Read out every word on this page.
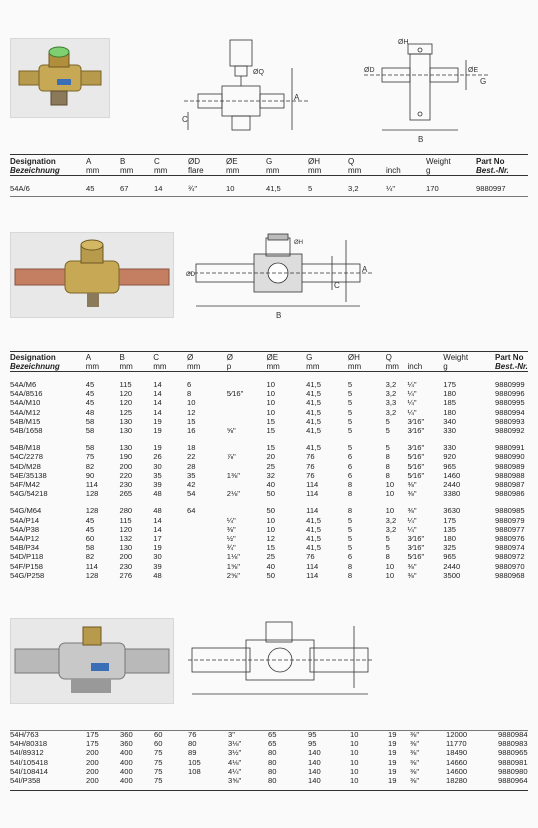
ØQ
A
C
ØH
ØD	ØE
G
B
Designation	A	B	C	ØD	ØE	G	ØH	Q		Weight	Part No
Bezeichnung	mm	mm	mm	flare	mm	mm	mm	mm	inch	g	Best.-Nr.

54A/6	45	67	14	¾"	10	41,5	5	3,2	¼"	170	9880997
ØD
ØH
A
C
B
Designation	A	B	C	Ø	Ø	ØE	G	ØH	Q		Weight	Part No
Bezeichnung	mm	mm	mm	mm	p	mm	mm	mm	mm	inch	g	Best.-Nr.

54A/M6	45	115	14	6		10	41,5	5	3,2	¼"	175	9880999
54A/8516	45	120	14	8	5⁄16"	10	41,5	5	3,2	¼"	180	9880996
54A/M10	45	120	14	10		10	41,5	5	3,3	¼"	185	9880995
54A/M12	48	125	14	12		10	41,5	5	3,2	¼"	180	9880994
54B/M15	58	130	19	15		15	41,5	5	5	3⁄16"	340	9880993
54B/1658	58	130	19	16	⅝"	15	41,5	5	5	3⁄16"	330	9880992

54B/M18	58	130	19	18		15	41,5	5	5	3⁄16"	330	9880991
54C/2278	75	190	26	22	⅞"	20	76	6	8	5⁄16"	920	9880990
54D/M28	82	200	30	28		25	76	6	8	5⁄16"	965	9880989
54E/35138	90	220	35	35	1⅜"	32	76	6	8	5⁄16"	1460	9880988
54F/M42	114	230	39	42		40	114	8	10	⅜"	2440	9880987
54G/54218	128	265	48	54	2⅛"	50	114	8	10	⅜"	3380	9880986

54G/M64	128	280	48	64		50	114	8	10	⅜"	3630	9880985
54A/P14	45	115	14		¼"	10	41,5	5	3,2	¼"	175	9880979
54A/P38	45	120	14		⅜"	10	41,5	5	3,2	¼"	135	9880977
54A/P12	60	132	17		½"	12	41,5	5	5	3⁄16"	180	9880976
54B/P34	58	130	19		¾"	15	41,5	5	5	3⁄16"	325	9880974
54D/P118	82	200	30		1⅛"	25	76	6	8	5⁄16"	965	9880972
54F/P158	114	230	39		1⅝"	40	114	8	10	⅜"	2440	9880970
54G/P258	128	276	48		2⅝"	50	114	8	10	⅜"	3500	9880968
54H/763	175	360	60	76	3"	65	95	10	19	⅜"	12000	9880984
54H/80318	175	360	60	80	3⅛"	65	95	10	19	⅜"	11770	9880983
54I/89312	200	400	75	89	3½"	80	140	10	19	⅜"	18490	9880965
54I/105418	200	400	75	105	4⅛"	80	140	10	19	⅜"	14660	9880981
54I/108414	200	400	75	108	4¼"	80	140	10	19	⅜"	14600	9880980
54I/P358	200	400	75		3⅝"	80	140	10	19	⅜"	18280	9880964
